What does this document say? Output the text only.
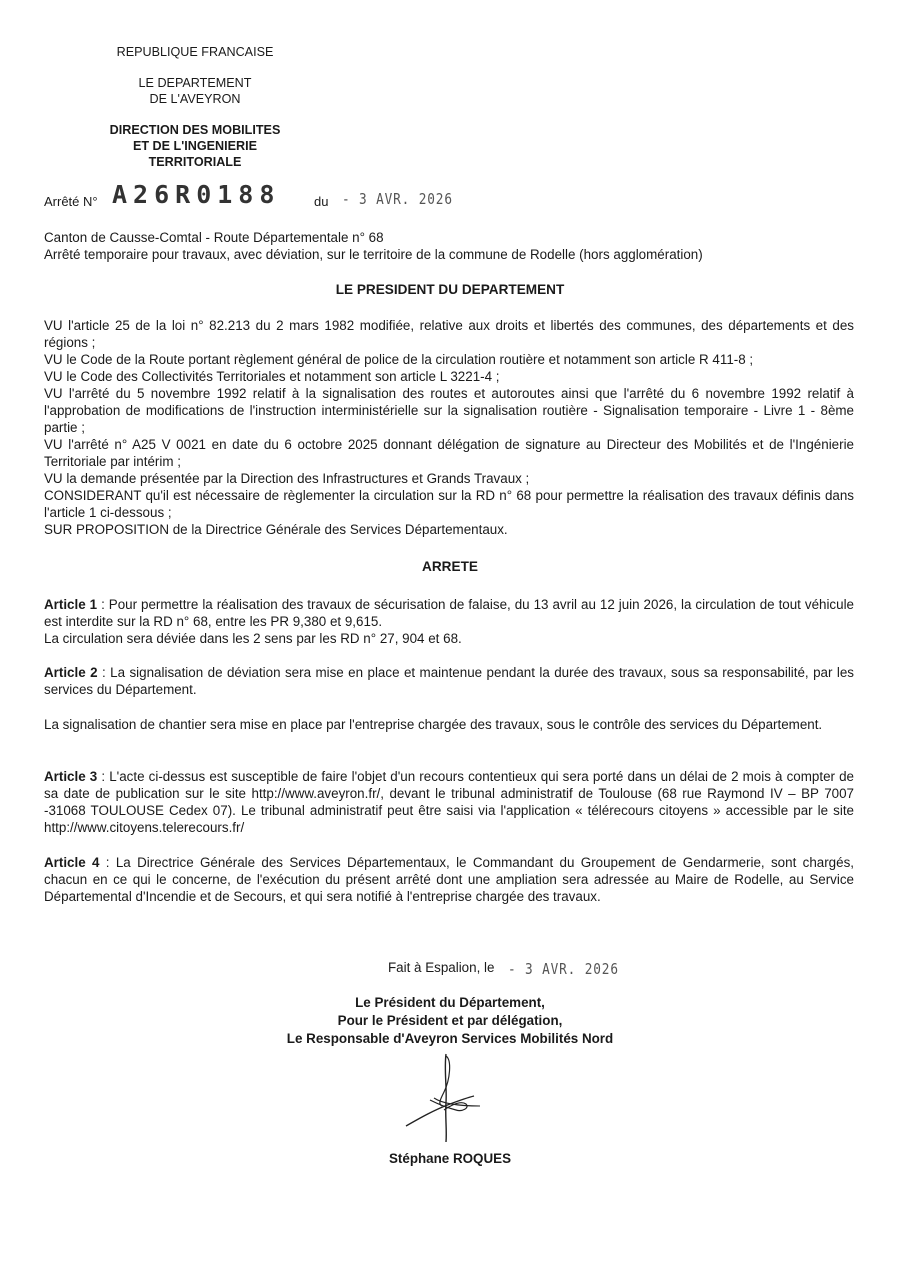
REPUBLIQUE FRANCAISE
LE DEPARTEMENT
DE L'AVEYRON
DIRECTION DES MOBILITES
ET DE L'INGENIERIE TERRITORIALE
Arrêté N° A26R0188	du - 3 AVR. 2026
Canton de Causse-Comtal - Route Départementale n° 68
Arrêté temporaire pour travaux, avec déviation, sur le territoire de la commune de Rodelle (hors agglomération)
LE PRESIDENT DU DEPARTEMENT

VU l'article 25 de la loi n° 82.213 du 2 mars 1982 modifiée, relative aux droits et libertés des communes, des départements et des régions ;

VU le Code de la Route portant règlement général de police de la circulation routière et notamment son article R 411-8 ;

VU le Code des Collectivités Territoriales et notamment son article L 3221-4 ;

VU l'arrêté du 5 novembre 1992 relatif à la signalisation des routes et autoroutes ainsi que l'arrêté du 6 novembre 1992 relatif à l'approbation de modifications de l'instruction interministérielle sur la signalisation routière - Signalisation temporaire - Livre 1 - 8ème partie ;

VU l'arrêté n° A25 V 0021 en date du 6 octobre 2025 donnant délégation de signature au Directeur des Mobilités et de l'Ingénierie Territoriale par intérim ;

VU la demande présentée par la Direction des Infrastructures et Grands Travaux ;

CONSIDERANT qu'il est nécessaire de règlementer la circulation sur la RD n° 68 pour permettre la réalisation des travaux définis dans l'article 1 ci-dessous ;

SUR PROPOSITION de la Directrice Générale des Services Départementaux.

ARRETE
Article 1 : Pour permettre la réalisation des travaux de sécurisation de falaise, du 13 avril au 12 juin 2026, la circulation de tout véhicule est interdite sur la RD n° 68, entre les PR 9,380 et 9,615.
La circulation sera déviée dans les 2 sens par les RD n° 27, 904 et 68.
Article 2 : La signalisation de déviation sera mise en place et maintenue pendant la durée des travaux, sous sa responsabilité, par les services du Département.
La signalisation de chantier sera mise en place par l'entreprise chargée des travaux, sous le contrôle des services du Département.
Article 3 : L'acte ci-dessus est susceptible de faire l'objet d'un recours contentieux qui sera porté dans un délai de 2 mois à compter de sa date de publication sur le site http://www.aveyron.fr/, devant le tribunal administratif de Toulouse (68 rue Raymond IV – BP 7007 -31068 TOULOUSE Cedex 07). Le tribunal administratif peut être saisi via l'application « télérecours citoyens » accessible par le site http://www.citoyens.telerecours.fr/
Article 4 : La Directrice Générale des Services Départementaux, le Commandant du Groupement de Gendarmerie, sont chargés, chacun en ce qui le concerne, de l'exécution du présent arrêté dont une ampliation sera adressée au Maire de Rodelle, au Service Départemental d'Incendie et de Secours, et qui sera notifié à l'entreprise chargée des travaux.
Fait à Espalion, le - 3 AVR. 2026
Le Président du Département,
Pour le Président et par délégation,
Le Responsable d'Aveyron Services Mobilités Nord
Stéphane ROQUES
